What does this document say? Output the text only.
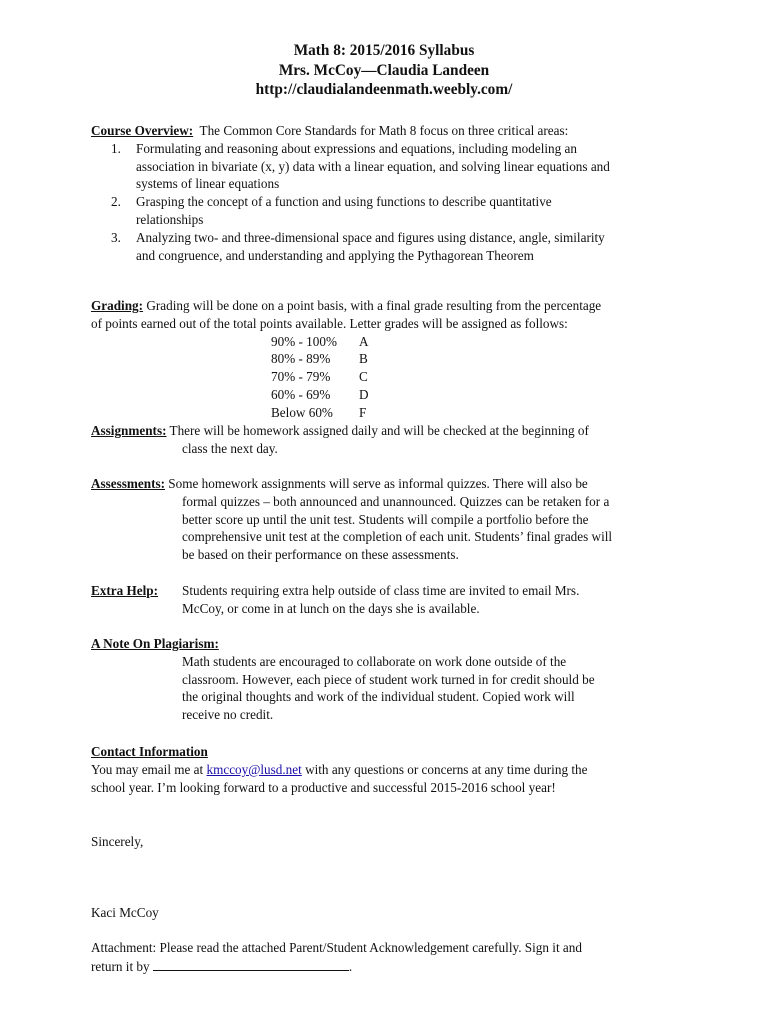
Math 8: 2015/2016 Syllabus
Mrs. McCoy—Claudia Landeen
http://claudialandeenmath.weebly.com/
Course Overview: The Common Core Standards for Math 8 focus on three critical areas:
1. Formulating and reasoning about expressions and equations, including modeling an
association in bivariate (x, y) data with a linear equation, and solving linear equations and
systems of linear equations
2. Grasping the concept of a function and using functions to describe quantitative
relationships
3. Analyzing two- and three-dimensional space and figures using distance, angle, similarity
and congruence, and understanding and applying the Pythagorean Theorem
Grading: Grading will be done on a point basis, with a final grade resulting from the percentage
of points earned out of the total points available. Letter grades will be assigned as follows:
90% - 100%	A
80% - 89%	B
70% - 79%	C
60% - 69%	D
Below 60%	F
Assignments: There will be homework assigned daily and will be checked at the beginning of
class the next day.
Assessments: Some homework assignments will serve as informal quizzes. There will also be
formal quizzes – both announced and unannounced. Quizzes can be retaken for a
better score up until the unit test. Students will compile a portfolio before the
comprehensive unit test at the completion of each unit. Students’ final grades will
be based on their performance on these assessments.
Extra Help: Students requiring extra help outside of class time are invited to email Mrs.
McCoy, or come in at lunch on the days she is available.
A Note On Plagiarism:
Math students are encouraged to collaborate on work done outside of the
classroom. However, each piece of student work turned in for credit should be
the original thoughts and work of the individual student. Copied work will
receive no credit.
Contact Information
You may email me at kmccoy@lusd.net with any questions or concerns at any time during the
school year. I’m looking forward to a productive and successful 2015-2016 school year!
Sincerely,
Kaci McCoy
Attachment: Please read the attached Parent/Student Acknowledgement carefully. Sign it and
return it by	.
